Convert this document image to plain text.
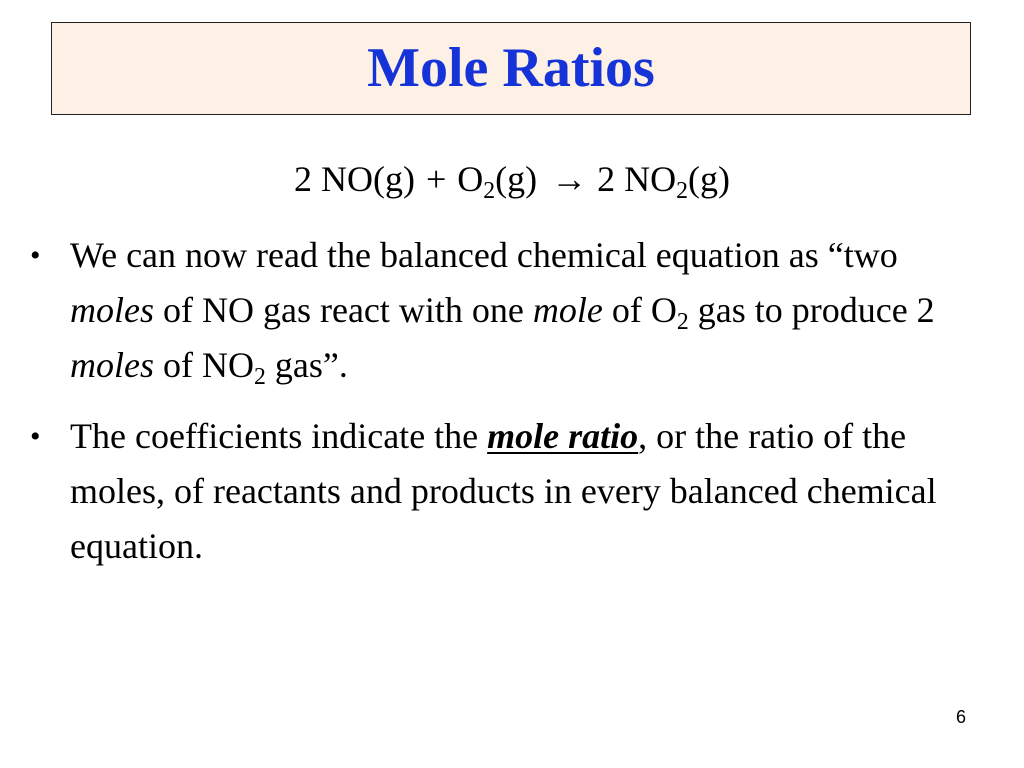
Mole Ratios
2 $NO(g) + O_2(g) \to 2$ $NO_2(g)$
• We can now read the balanced chemical equation as “two moles of NO gas react with one mole of $O_2$ gas to produce 2 moles of $NO_2$ gas”.
• The coefficients indicate the mole ratio, or the ratio of the moles, of reactants and products in every balanced chemical equation.
6
